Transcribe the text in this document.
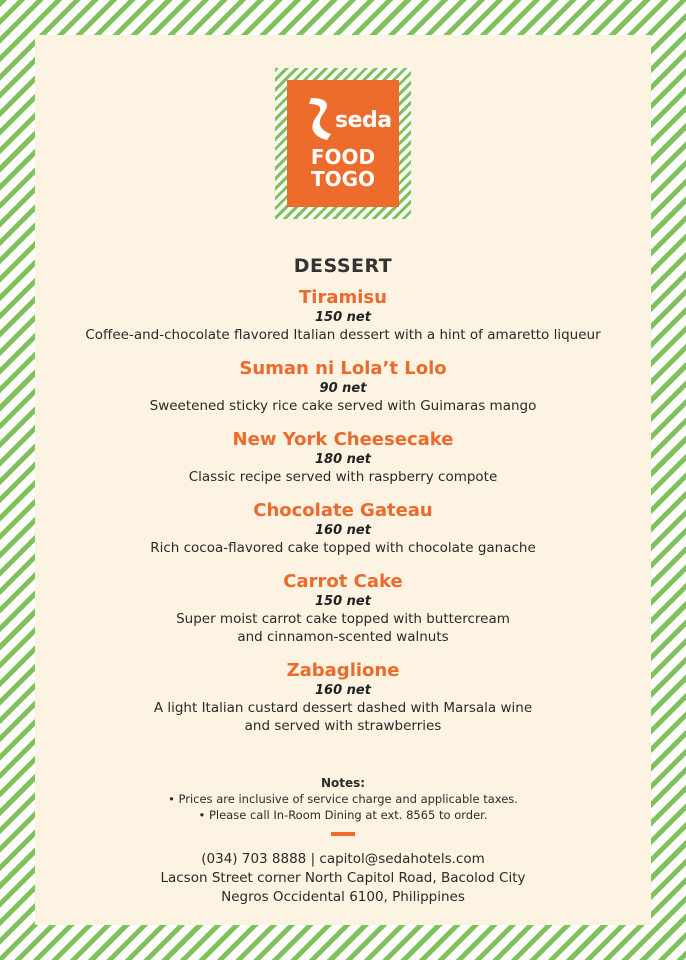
seda
FOOD
TOGO
DESSERT
Tiramisu
150 net
Coffee-and-chocolate flavored Italian dessert with a hint of amaretto liqueur
Suman ni Lola’t Lolo
90 net
Sweetened sticky rice cake served with Guimaras mango
New York Cheesecake
180 net
Classic recipe served with raspberry compote
Chocolate Gateau
160 net
Rich cocoa-flavored cake topped with chocolate ganache
Carrot Cake
150 net
Super moist carrot cake topped with buttercream
and cinnamon-scented walnuts
Zabaglione
160 net
A light Italian custard dessert dashed with Marsala wine
and served with strawberries
Notes:
• Prices are inclusive of service charge and applicable taxes.
• Please call In-Room Dining at ext. 8565 to order.
(034) 703 8888 | capitol@sedahotels.com
Lacson Street corner North Capitol Road, Bacolod City
Negros Occidental 6100, Philippines
